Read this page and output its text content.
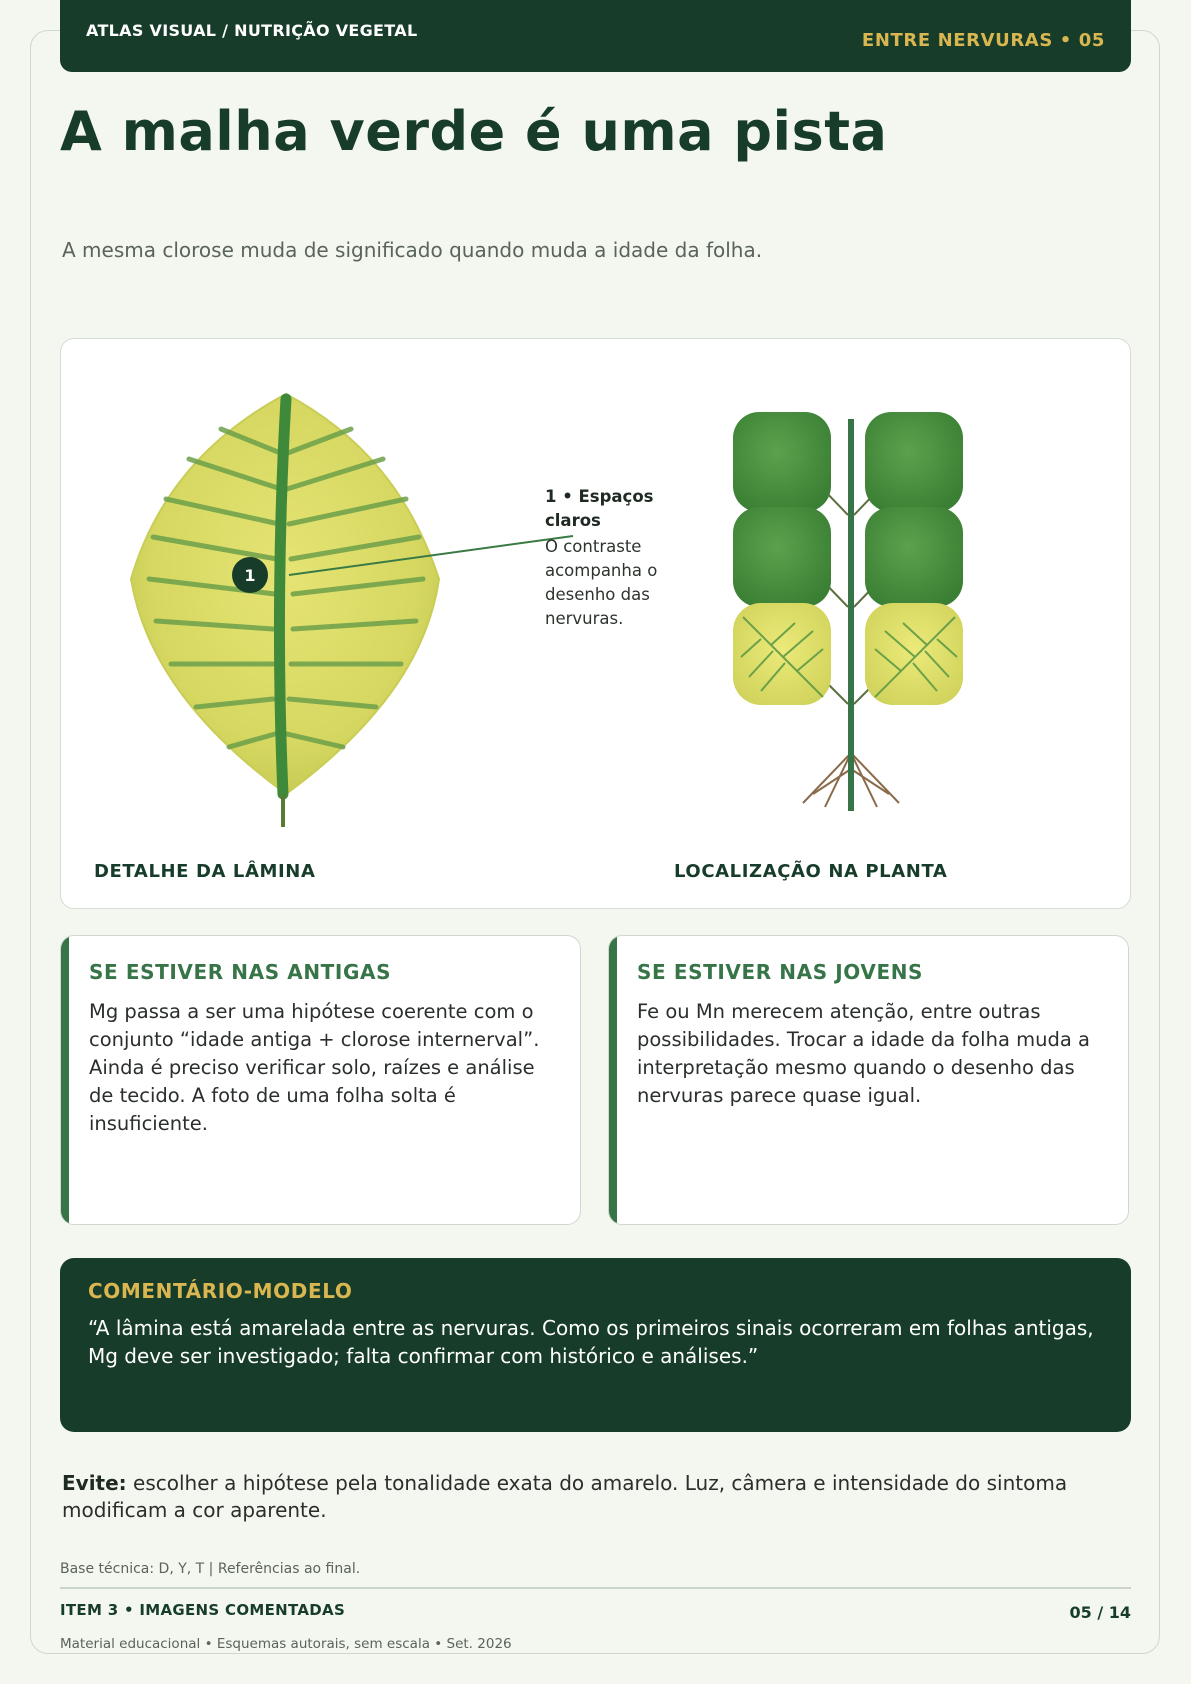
ATLAS VISUAL / NUTRIÇÃO VEGETAL	ENTRE NERVURAS • 05
A malha verde é uma pista
A mesma clorose muda de significado quando muda a idade da folha.
1
1 • Espaços claros
O contraste acompanha o desenho das nervuras.
DETALHE DA LÂMINA	LOCALIZAÇÃO NA PLANTA
SE ESTIVER NAS ANTIGAS
Mg passa a ser uma hipótese coerente com o conjunto “idade antiga + clorose internerval”. Ainda é preciso verificar solo, raízes e análise de tecido. A foto de uma folha solta é insuficiente.
SE ESTIVER NAS JOVENS
Fe ou Mn merecem atenção, entre outras possibilidades. Trocar a idade da folha muda a interpretação mesmo quando o desenho das nervuras parece quase igual.
COMENTÁRIO-MODELO
“A lâmina está amarelada entre as nervuras. Como os primeiros sinais ocorreram em folhas antigas, Mg deve ser investigado; falta confirmar com histórico e análises.”
Evite: escolher a hipótese pela tonalidade exata do amarelo. Luz, câmera e intensidade do sintoma modificam a cor aparente.
Base técnica: D, Y, T | Referências ao final.
ITEM 3 • IMAGENS COMENTADAS	05 / 14
Material educacional • Esquemas autorais, sem escala • Set. 2026
